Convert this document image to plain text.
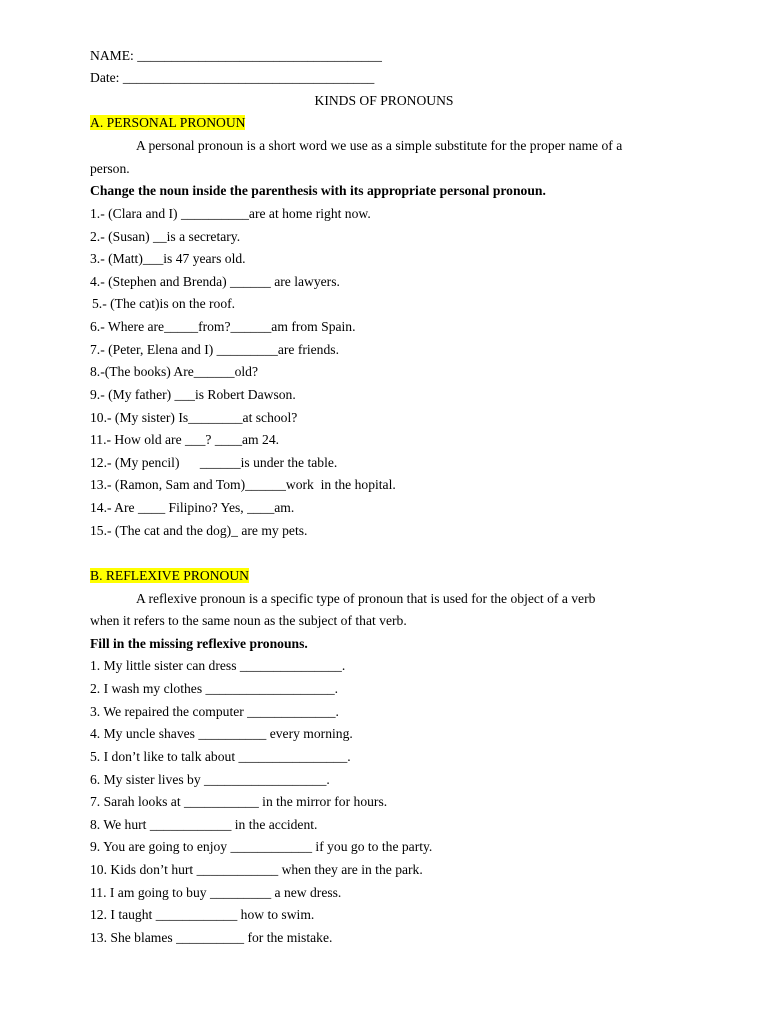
NAME: ____________________________________
Date: _____________________________________
KINDS OF PRONOUNS
A. PERSONAL PRONOUN
A personal pronoun is a short word we use as a simple substitute for the proper name of a
person.
Change the noun inside the parenthesis with its appropriate personal pronoun.
1.- (Clara and I) __________are at home right now.
2.- (Susan) __is a secretary.
3.- (Matt)___is 47 years old.
4.- (Stephen and Brenda) ______ are lawyers.
5.- (The cat)is on the roof.
6.- Where are_____from?______am from Spain.
7.- (Peter, Elena and I) _________are friends.
8.-(The books) Are______old?
9.- (My father) ___is Robert Dawson.
10.- (My sister) Is________at school?
11.- How old are ___? ____am 24.
12.- (My pencil)      ______is under the table.
13.- (Ramon, Sam and Tom)______work  in the hopital.
14.- Are ____ Filipino? Yes, ____am.
15.- (The cat and the dog)_ are my pets.
B. REFLEXIVE PRONOUN
A reflexive pronoun is a specific type of pronoun that is used for the object of a verb
when it refers to the same noun as the subject of that verb.
Fill in the missing reflexive pronouns.
1. My little sister can dress _______________.
2. I wash my clothes ___________________.
3. We repaired the computer _____________.
4. My uncle shaves __________ every morning.
5. I don’t like to talk about ________________.
6. My sister lives by __________________.
7. Sarah looks at ___________ in the mirror for hours.
8. We hurt ____________ in the accident.
9. You are going to enjoy ____________ if you go to the party.
10. Kids don’t hurt ____________ when they are in the park.
11. I am going to buy _________ a new dress.
12. I taught ____________ how to swim.
13. She blames __________ for the mistake.
